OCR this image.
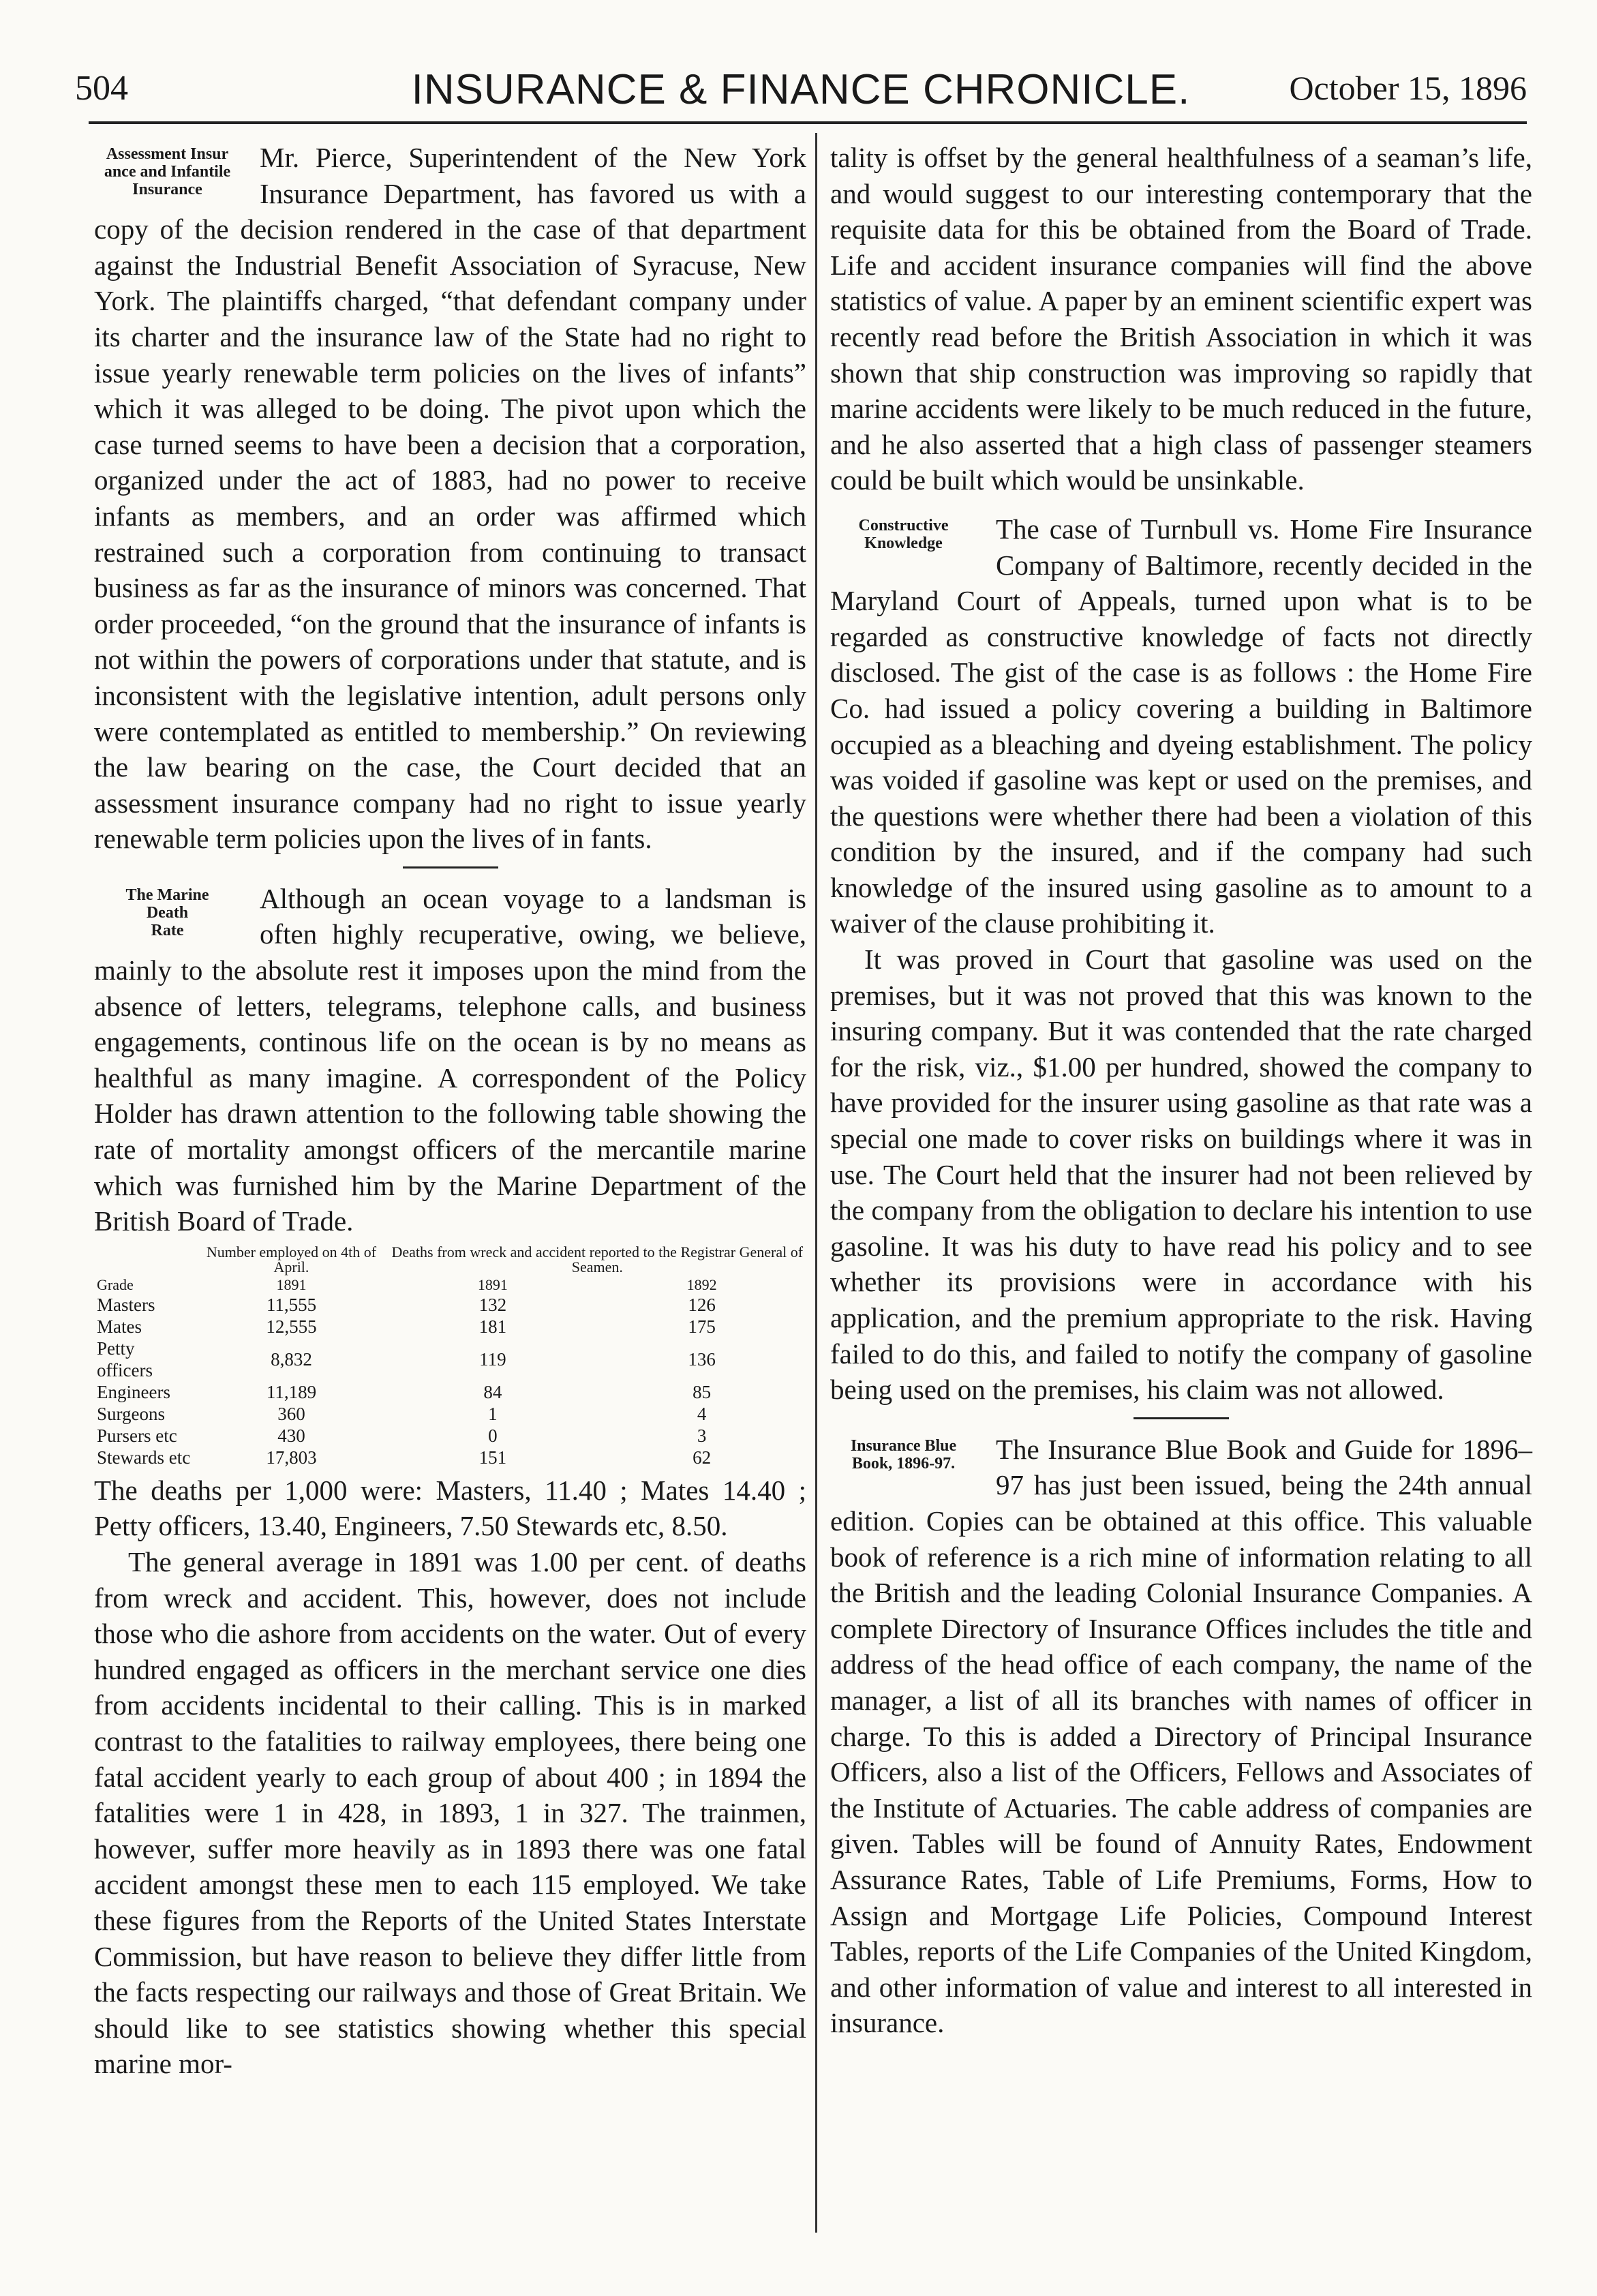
504	INSURANCE & FINANCE CHRONICLE.	October 15, 1896
Assessment Insur
ance and Infantile
Insurance

Mr. Pierce, Superintendent of the New York Insurance Department, has favored us with a copy of the decision rendered in the case of that department against the Industrial Benefit Association of Syracuse, New York. The plaintiffs charged, “that defendant company under its charter and the insurance law of the State had no right to issue yearly renewable term policies on the lives of infants” which it was alleged to be doing. The pivot upon which the case turned seems to have been a decision that a corporation, organized under the act of 1883, had no power to receive infants as members, and an order was affirmed which restrained such a corporation from continuing to transact business as far as the insurance of minors was concerned. That order proceeded, “on the ground that the insurance of infants is not within the powers of corporations under that statute, and is inconsistent with the legislative intention, adult persons only were contemplated as entitled to membership.” On reviewing the law bearing on the case, the Court decided that an assessment insurance company had no right to issue yearly renewable term policies upon the lives of in fants.

The Marine
Death
Rate

Although an ocean voyage to a landsman is often highly recuperative, owing, we believe, mainly to the absolute rest it imposes upon the mind from the absence of letters, telegrams, telephone calls, and business engagements, continous life on the ocean is by no means as healthful as many imagine. A correspondent of the Policy Holder has drawn attention to the following table showing the rate of mortality amongst officers of the mercantile marine which was furnished him by the Marine Department of the British Board of Trade.

Grade	Number employed on 4th of April.	Deaths from wreck and accident reported to the Registrar General of Seamen.	
	1891	1891	1892
Masters	11,555	132	126
Mates	12,555	181	175
Petty officers	8,832	119	136
Engineers	11,189	84	85
Surgeons	360	1	4
Pursers etc	430	0	3
Stewards etc	17,803	151	62

The deaths per 1,000 were: Masters, 11.40 ; Mates 14.40 ; Petty officers, 13.40, Engineers, 7.50 Stewards etc, 8.50.

The general average in 1891 was 1.00 per cent. of deaths from wreck and accident. This, however, does not include those who die ashore from accidents on the water. Out of every hundred engaged as officers in the merchant service one dies from accidents incidental to their calling. This is in marked contrast to the fatalities to railway employees, there being one fatal accident yearly to each group of about 400 ; in 1894 the fatalities were 1 in 428, in 1893, 1 in 327. The trainmen, however, suffer more heavily as in 1893 there was one fatal accident amongst these men to each 115 employed. We take these figures from the Reports of the United States Interstate Commission, but have reason to believe they differ little from the facts respecting our railways and those of Great Britain. We should like to see statistics showing whether this special marine mor-

tality is offset by the general healthfulness of a seaman’s life, and would suggest to our interesting contemporary that the requisite data for this be obtained from the Board of Trade. Life and accident insurance companies will find the above statistics of value. A paper by an eminent scientific expert was recently read before the British Association in which it was shown that ship construction was improving so rapidly that marine accidents were likely to be much reduced in the future, and he also asserted that a high class of passenger steamers could be built which would be unsinkable.

Constructive
Knowledge	The case of Turnbull vs. Home Fire Insurance Company of Baltimore, recently decided in the Maryland Court of Appeals, turned upon what is to be regarded as constructive knowledge of facts not directly disclosed. The gist of the case is as follows : the Home Fire Co. had issued a policy covering a building in Baltimore occupied as a bleaching and dyeing establishment. The policy was voided if gasoline was kept or used on the premises, and the questions were whether there had been a violation of this condition by the insured, and if the company had such knowledge of the insured using gasoline as to amount to a waiver of the clause prohibiting it.

It was proved in Court that gasoline was used on the premises, but it was not proved that this was known to the insuring company. But it was contended that the rate charged for the risk, viz., $1.00 per hundred, showed the company to have provided for the insurer using gasoline as that rate was a special one made to cover risks on buildings where it was in use. The Court held that the insurer had not been relieved by the company from the obligation to declare his intention to use gasoline. It was his duty to have read his policy and to see whether its provisions were in accordance with his application, and the premium appropriate to the risk. Having failed to do this, and failed to notify the company of gasoline being used on the premises, his claim was not allowed.

Insurance Blue
Book, 1896-97.	The Insurance Blue Book and Guide for 1896–97 has just been issued, being the 24th annual edition. Copies can be obtained at this office. This valuable book of reference is a rich mine of information relating to all the British and the leading Colonial Insurance Companies. A complete Directory of Insurance Offices includes the title and address of the head office of each company, the name of the manager, a list of all its branches with names of officer in charge. To this is added a Directory of Principal Insurance Officers, also a list of the Officers, Fellows and Associates of the Institute of Actuaries. The cable address of companies are given. Tables will be found of Annuity Rates, Endowment Assurance Rates, Table of Life Premiums, Forms, How to Assign and Mortgage Life Policies, Compound Interest Tables, reports of the Life Companies of the United Kingdom, and other information of value and interest to all interested in insurance.
